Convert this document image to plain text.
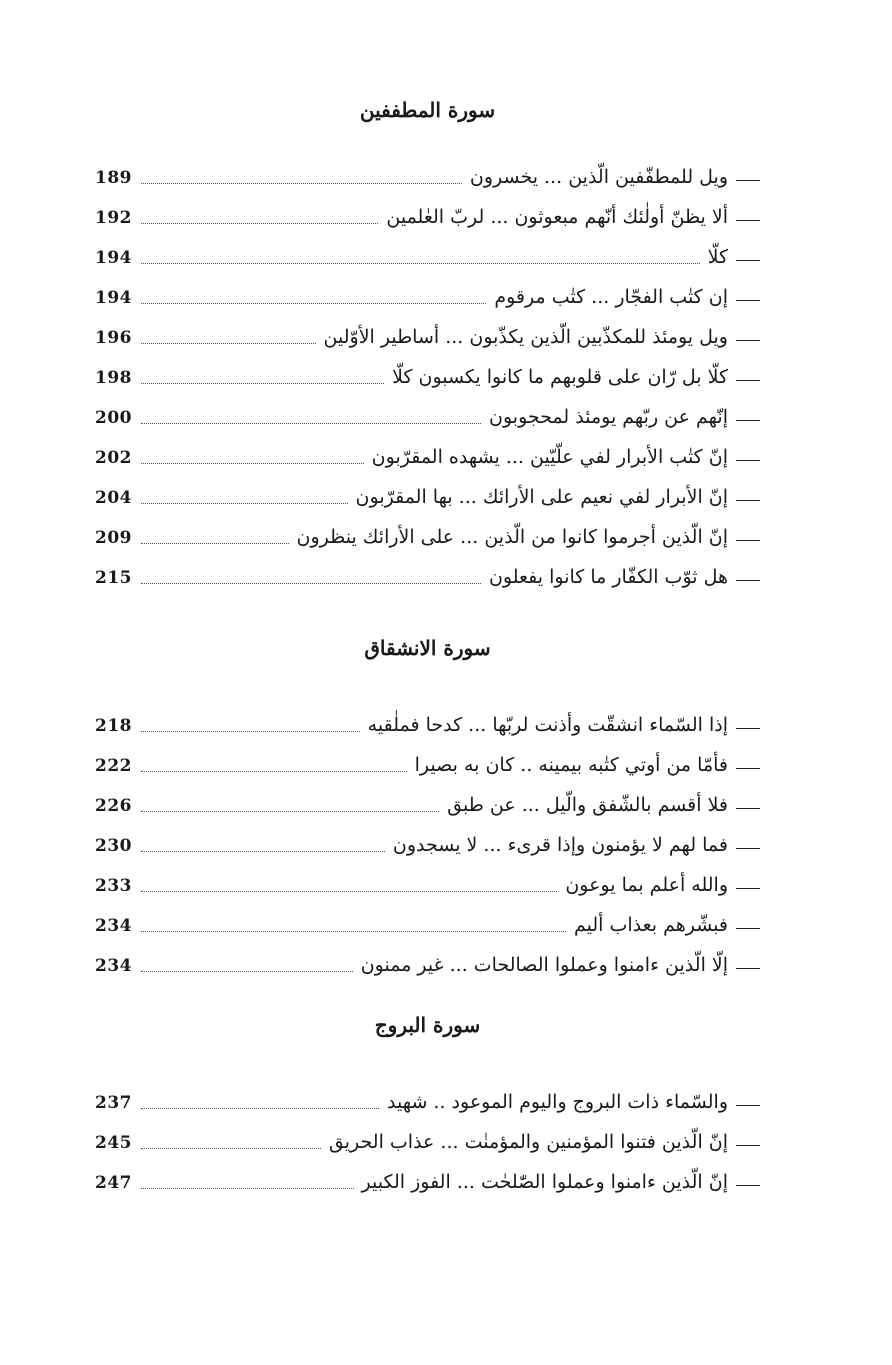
سورة المطففين
189	ويل للمطفّفين الّذين ... يخسرون
192	ألا يظنّ أولٰئك أنّهم مبعوثون ... لربّ العٰلمين
194	كلّا
194	إن كتٰب الفجّار ... كتٰب مرقوم
196	ويل يومئذ للمكذّبين الّذين يكذّبون ... أساطير الأوّلين
198	كلّا بل رّان على قلوبهم ما كانوا يكسبون كلّا
200	إنّهم عن ربّهم يومئذ لمحجوبون
202	إنّ كتٰب الأبرار لفي علّيّين ... يشهده المقرّبون
204	إنّ الأبرار لفي نعيم على الأرائك ... بها المقرّبون
209	إنّ الّذين أجرموا كانوا من الّذين ... على الأرائك ينظرون
215	هل ثوّب الكفّار ما كانوا يفعلون
سورة الانشقاق
218	إذا السّماء انشقّت وأذنت لربّها ... كدحا فملٰقيه
222	فأمّا من أوتي كتٰبه بيمينه .. كان به بصيرا
226	فلا أقسم بالشّفق والّيل ... عن طبق
230	فما لهم لا يؤمنون وإذا قرىء ... لا يسجدون
233	والله أعلم بما يوعون
234	فبشّرهم بعذاب أليم
234	إلّا الّذين ءامنوا وعملوا الصالحات ... غير ممنون
سورة البروج
237	والسّماء ذات البروج واليوم الموعود .. شهيد
245	إنّ الّذين فتنوا المؤمنين والمؤمنٰت ... عذاب الحريق
247	إنّ الّذين ءامنوا وعملوا الصّٰلحٰت ... الفوز الكبير
